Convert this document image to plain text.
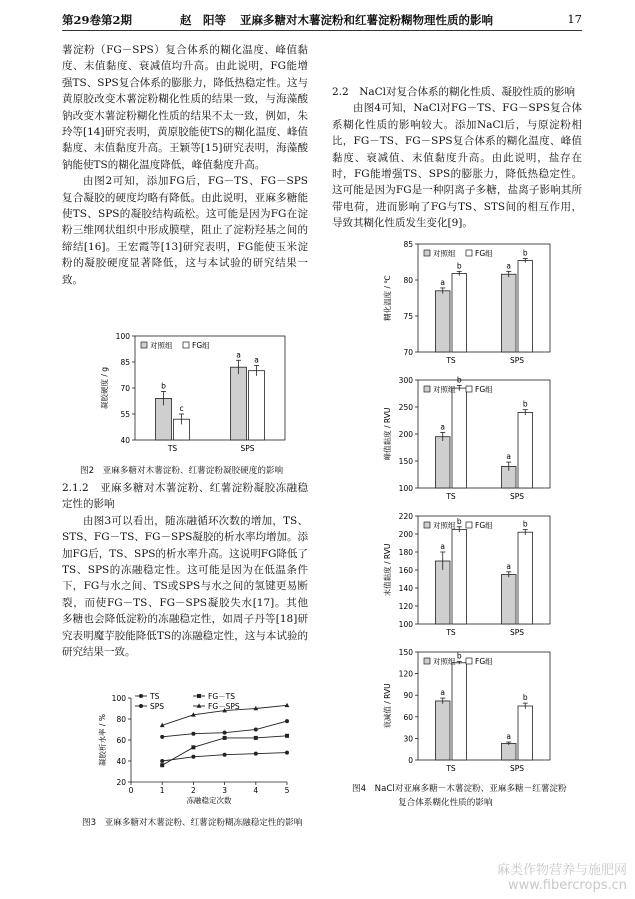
第29卷第2期	赵　阳等 亚麻多糖对木薯淀粉和红薯淀粉糊物理性质的影响	17

薯淀粉（FG－SPS）复合体系的糊化温度、峰值黏度、末值黏度、衰减值均升高。由此说明，FG能增强TS、SPS复合体系的膨胀力，降低热稳定性。这与黄原胶改变木薯淀粉糊化性质的结果一致，与海藻酸钠改变木薯淀粉糊化性质的结果不太一致，例如，朱玲等[14]研究表明，黄原胶能使TS的糊化温度、峰值黏度、末值黏度升高。王颖等[15]研究表明，海藻酸钠能使TS的糊化温度降低，峰值黏度升高。

由图2可知，添加FG后，FG－TS、FG－SPS复合凝胶的硬度均略有降低。由此说明，亚麻多糖能使TS、SPS的凝胶结构疏松。这可能是因为FG在淀粉三维网状组织中形成膜壁，阻止了淀粉羟基之间的缔结[16]。王宏霞等[13]研究表明，FG能使玉米淀粉的凝胶硬度显著降低，这与本试验的研究结果一致。

40
55
70
85
100
凝胶硬度 / g
TS
b
c
SPS
a
a
对照组	FG组
图2　亚麻多糖对木薯淀粉、红薯淀粉凝胶硬度的影响

2.1.2　亚麻多糖对木薯淀粉、红薯淀粉凝胶冻融稳定性的影响

由图3可以看出，随冻融循环次数的增加，TS、STS、FG－TS、FG－SPS凝胶的析水率均增加。添加FG后，TS、SPS的析水率升高。这说明FG降低了TS、SPS的冻融稳定性。这可能是因为在低温条件下，FG与水之间、TS或SPS与水之间的氢键更易断裂，而使FG－TS、FG－SPS凝胶失水[17]。其他多糖也会降低淀粉的冻融稳定性，如周子丹等[18]研究表明魔芋胶能降低TS的冻融稳定性，这与本试验的研究结果一致。

20
40
60
80
100
0	1	2	3	4	5
冻融稳定次数
凝胶析水率 / %
TS	FG－TS
SPS	FG－SPS
图3　亚麻多糖对木薯淀粉、红薯淀粉糊冻融稳定性的影响

2.2　NaCl对复合体系的糊化性质、凝胶性质的影响

由图4可知，NaCl对FG－TS、FG－SPS复合体系糊化性质的影响较大。添加NaCl后，与原淀粉相比，FG－TS、FG－SPS复合体系的糊化温度、峰值黏度、衰减值、末值黏度升高。由此说明，盐存在时，FG能增强TS、SPS的膨胀力，降低热稳定性。这可能是因为FG是一种阴离子多糖，盐离子影响其所带电荷，进而影响了FG与TS、STS间的相互作用，导致其糊化性质发生变化[9]。

70
75
80
85
糊化温度 / ℃
TS
a
b
SPS
a
b
对照组	FG组
100
150
200
250
300
峰值黏度 / RVU
TS
a
b
SPS
a
b
对照组	FG组
100
120
140
160
180
200
220
末值黏度 / RVU
TS
a
b
SPS
a
b
对照组	FG组
0
30
60
90
120
150
衰减值 / RVU
TS
a
b
SPS
a
b
对照组	FG组
图4　NaCl对亚麻多糖－木薯淀粉、亚麻多糖－红薯淀粉
复合体系糊化性质的影响
麻类作物营养与施肥网
www.fibercrops.cn
